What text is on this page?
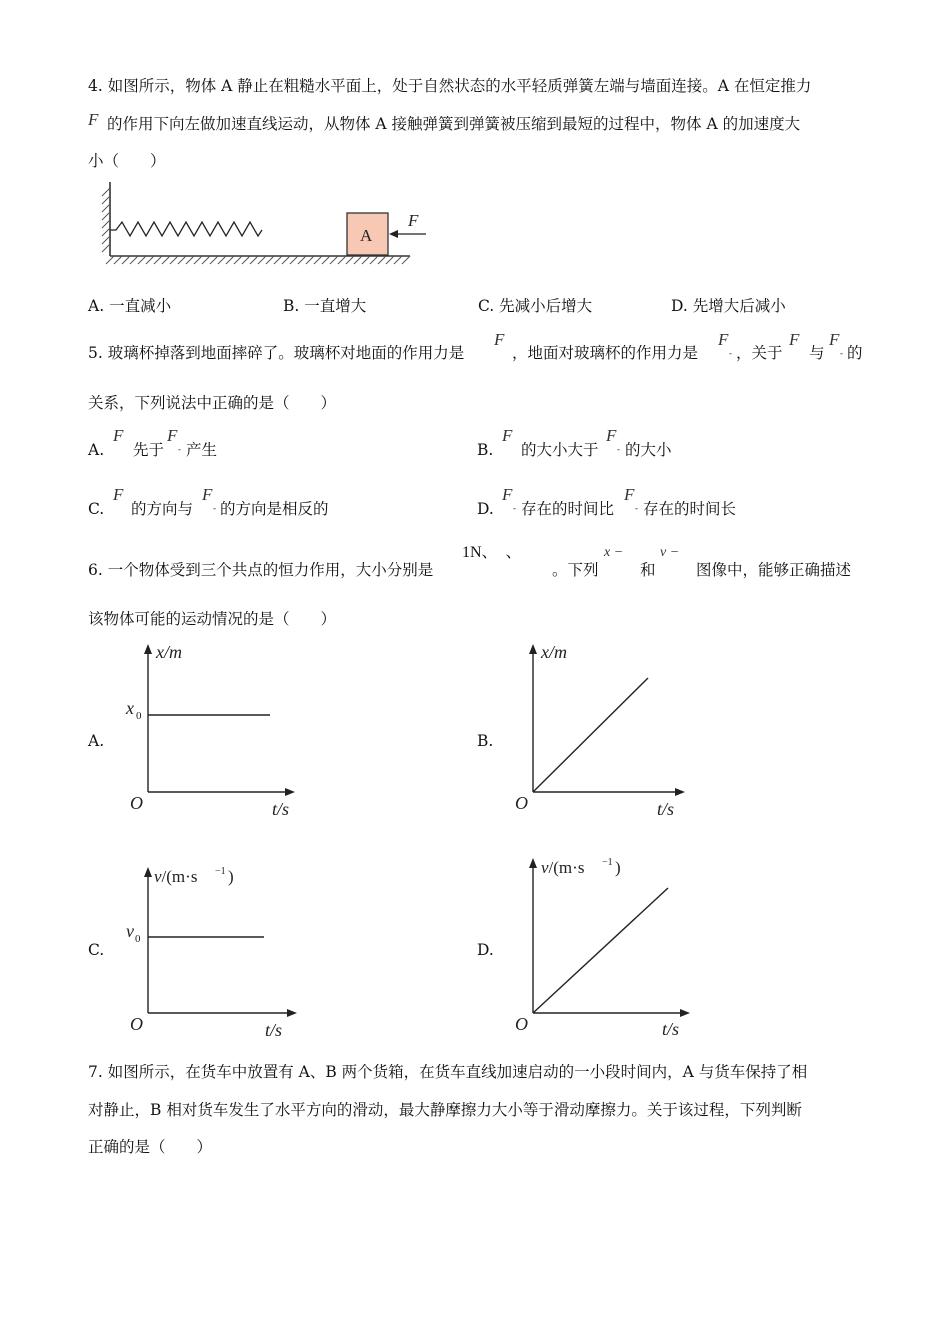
4. 如图所示，物体 A 静止在粗糙水平面上，处于自然状态的水平轻质弹簧左端与墙面连接。A 在恒定推力
F 的作用下向左做加速直线运动，从物体 A 接触弹簧到弹簧被压缩到最短的过程中，物体 A 的加速度大
小（　　）
A
F
A. 一直减小	B. 一直增大	C. 先减小后增大	D. 先增大后减小
5. 玻璃杯掉落到地面摔碎了。玻璃杯对地面的作用力是
F
，地面对玻璃杯的作用力是
F
- ，关于
F
与
F
- 的
关系，下列说法中正确的是（　　）
A.
F
先于
F
- 产生	B.
F
的大小大于
F
- 的大小
C.
F
的方向与
F
- 的方向是相反的	D.
F
- 存在的时间比
F
- 存在的时间长
6. 一个物体受到三个共点的恒力作用，大小分别是
1N、　、
。下列
x −
和
v −
图像中，能够正确描述
该物体可能的运动情况的是（　　）
A.
x/m
x 0
O	t/s
B.
x/m
O	t/s
C.
v/(m·s −1 )
v 0
O	t/s
D.
v/(m·s −1 )
O	t/s
7. 如图所示，在货车中放置有 A、B 两个货箱，在货车直线加速启动的一小段时间内，A 与货车保持了相
对静止，B 相对货车发生了水平方向的滑动，最大静摩擦力大小等于滑动摩擦力。关于该过程，下列判断
正确的是（　　）
